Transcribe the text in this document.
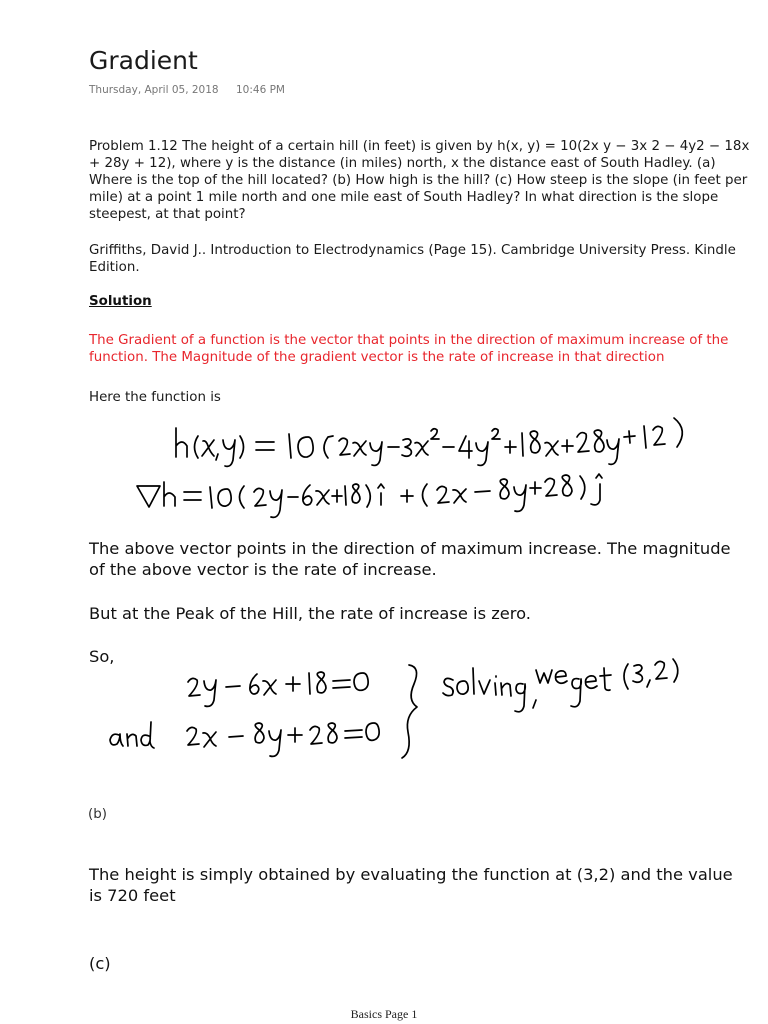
Gradient
Thursday, April 05, 2018 10:46 PM
Problem 1.12 The height of a certain hill (in feet) is given by h(x, y) = 10(2x y − 3x 2 − 4y2 − 18x + 28y + 12), where y is the distance (in miles) north, x the distance east of South Hadley. (a) Where is the top of the hill located? (b) How high is the hill? (c) How steep is the slope (in feet per mile) at a point 1 mile north and one mile east of South Hadley? In what direction is the slope steepest, at that point?
Griffiths, David J.. Introduction to Electrodynamics (Page 15). Cambridge University Press. Kindle Edition.
Solution
The Gradient of a function is the vector that points in the direction of maximum increase of the function. The Magnitude of the gradient vector is the rate of increase in that direction
Here the function is
The above vector points in the direction of maximum increase. The magnitude of the above vector is the rate of increase.
But at the Peak of the Hill, the rate of increase is zero.
So,
(b)
The height is simply obtained by evaluating the function at (3,2) and the value is 720 feet
(c)
Basics Page 1
